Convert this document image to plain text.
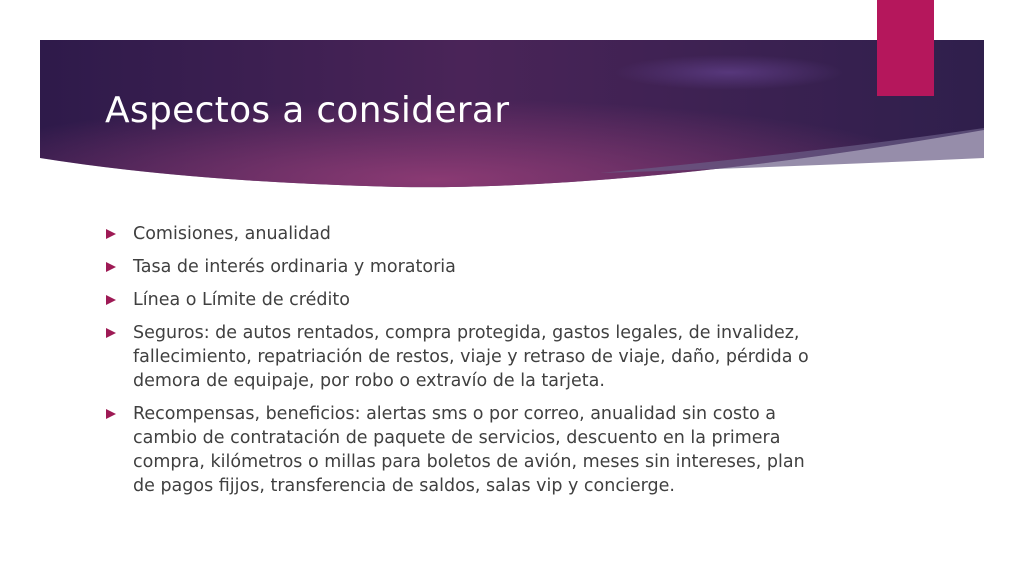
Aspectos a considerar
Comisiones, anualidad
Tasa de interés ordinaria y moratoria
Línea o Límite de crédito
Seguros: de autos rentados, compra protegida, gastos legales, de invalidez, fallecimiento, repatriación de restos, viaje y retraso de viaje, daño, pérdida o demora de equipaje, por robo o extravío de la tarjeta.
Recompensas, beneficios: alertas sms o por correo, anualidad sin costo a cambio de contratación de paquete de servicios, descuento en la primera compra, kilómetros o millas para boletos de avión, meses sin intereses, plan de pagos fijjos, transferencia de saldos, salas vip y concierge.
